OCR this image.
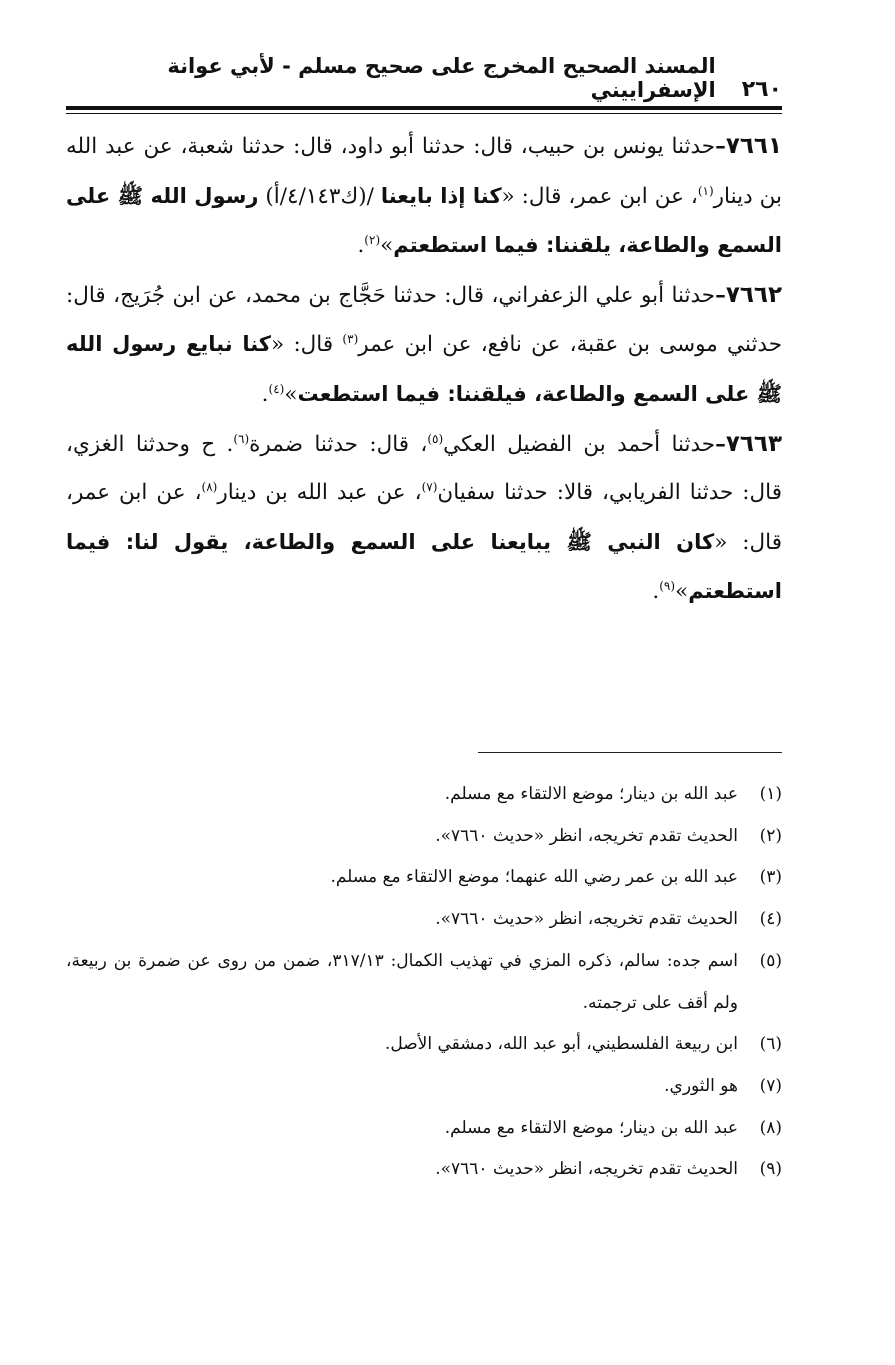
٢٦٠
المسند الصحيح المخرج على صحيح مسلم - لأبي عوانة الإسفراييني

٧٦٦١–حدثنا يونس بن حبيب، قال: حدثنا أبو داود، قال: حدثنا شعبة، عن عبد الله بن دينار$^{(١)}$، عن ابن عمر، قال: «كنا إذا بايعنا /(ك٤/١٤٣/أ) رسول الله ﷺ على السمع والطاعة، يلقننا: فيما استطعتم»$^{(٢)}$.

٧٦٦٢–حدثنا أبو علي الزعفراني، قال: حدثنا حَجَّاج بن محمد، عن ابن جُرَيج، قال: حدثني موسى بن عقبة، عن نافع، عن ابن عمر$^{(٣)}$ قال: «كنا نبايع رسول الله ﷺ على السمع والطاعة، فيلقننا: فيما استطعت»$^{(٤)}$.

٧٦٦٣–حدثنا أحمد بن الفضيل العكي$^{(٥)}$، قال: حدثنا ضمرة$^{(٦)}$. ح وحدثنا الغزي، قال: حدثنا الفريابي، قالا: حدثنا سفيان$^{(٧)}$، عن عبد الله بن دينار$^{(٨)}$، عن ابن عمر، قال: «كان النبي ﷺ يبايعنا على السمع والطاعة، يقول لنا: فيما استطعتم»$^{(٩)}$.

(١)
عبد الله بن دينار؛ موضع الالتقاء مع مسلم.
(٢)
الحديث تقدم تخريجه، انظر «حديث ٧٦٦٠».
(٣)
عبد الله بن عمر رضي الله عنهما؛ موضع الالتقاء مع مسلم.
(٤)
الحديث تقدم تخريجه، انظر «حديث ٧٦٦٠».
(٥)
اسم جده: سالم، ذكره المزي في تهذيب الكمال: ٣١٧/١٣، ضمن من روى عن ضمرة بن ربيعة، ولم أقف على ترجمته.
(٦)
ابن ربيعة الفلسطيني، أبو عبد الله، دمشقي الأصل.
(٧)
هو الثوري.
(٨)
عبد الله بن دينار؛ موضع الالتقاء مع مسلم.
(٩)
الحديث تقدم تخريجه، انظر «حديث ٧٦٦٠».
